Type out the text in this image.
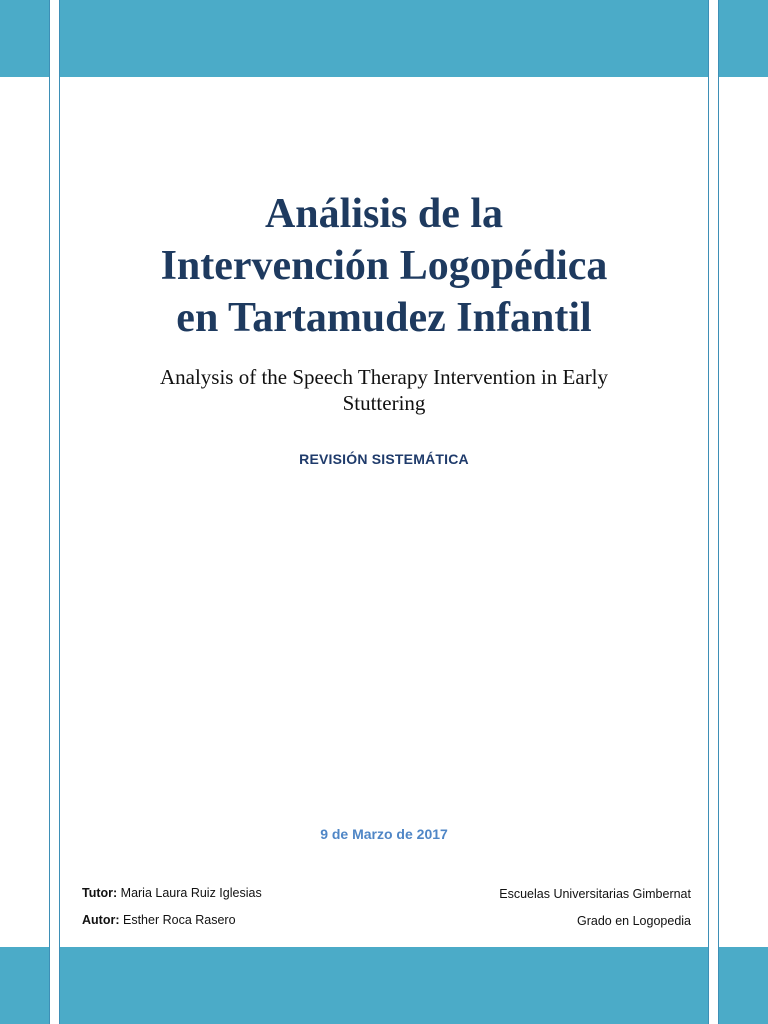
Análisis de la
Intervención Logopédica
en Tartamudez Infantil
Analysis of the Speech Therapy Intervention in Early
Stuttering
REVISIÓN SISTEMÁTICA
9 de Marzo de 2017
Tutor: Maria Laura Ruiz Iglesias
Autor: Esther Roca Rasero
Escuelas Universitarias Gimbernat
Grado en Logopedia
